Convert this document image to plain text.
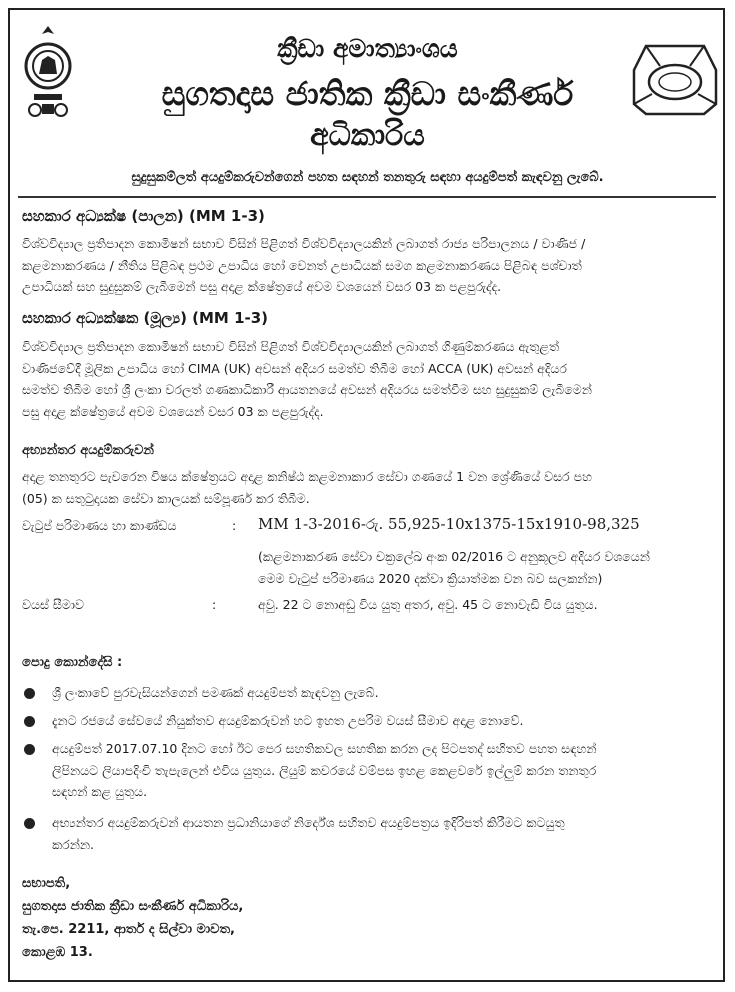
ක්‍රීඩා අමාත්‍යාංශය
සුගතදාස ජාතික ක්‍රීඩා සංකීර්ණ
අධිකාරිය
සුදුසුකම්ලත් අයදුම්කරුවන්ගෙන් පහත සඳහන් තනතුරු සඳහා අයදුම්පත් කැඳවනු ලැබේ.
සහකාර අධ්‍යක්ෂ (පාලන) (MM 1-3)
විශ්වවිද්‍යාල ප්‍රතිපාදන කොමිෂන් සභාව විසින් පිළිගත් විශ්වවිද්‍යාලයකින් ලබාගත් රාජ්‍ය පරිපාලනය / වාණිජ /
කළමනාකරණය / නීතිය පිළිබඳ ප්‍රථම උපාධිය හෝ වෙනත් උපාධියක් සමග කළමනාකරණය පිළිබඳ පශ්චාත්
උපාධියක් සහ සුදුසුකම් ලැබීමෙන් පසු අදාළ ක්ෂේත්‍රයේ අවම වශයෙන් වසර 03 ක පළපුරුද්ද.
සහකාර අධ්‍යක්ෂක (මූල්‍ය) (MM 1-3)
විශ්වවිද්‍යාල ප්‍රතිපාදන කොමිෂන් සභාව විසින් පිළිගත් විශ්වවිද්‍යාලයකින් ලබාගත් ගිණුම්කරණය ඇතුළත්
වාණිජවේදී මූලික උපාධිය හෝ CIMA (UK) අවසන් අදියර සමත්ව තිබීම හෝ ACCA (UK) අවසන් අදියර
සමත්ව තිබීම හෝ ශ්‍රී ලංකා වරලත් ගණකාධිකාරී ආයතනයේ අවසන් අදියරය සමත්වීම සහ සුදුසුකම් ලැබීමෙන්
පසු අදාළ ක්ෂේත්‍රයේ අවම වශයෙන් වසර 03 ක පළපුරුද්ද.
අභ්‍යන්තර අයදුම්කරුවන්
අදාළ තනතුරට පැවරෙන විෂය ක්ෂේත්‍රයට අදාළ කනිෂ්ඨ කළමනාකාර සේවා ගණයේ 1 වන ශ්‍රේණියේ වසර පහ
(05) ක සතුටුදායක සේවා කාලයක් සම්පූර්ණ කර තිබීම.
වැටුප් පරිමාණය හා කාණ්ඩය	: MM 1-3-2016-රු. 55,925-10x1375-15x1910-98,325
(කළමනාකරණ සේවා චක්‍රලේඛ අංක 02/2016 ට අනුකූලව අදියර වශයෙන්
මෙම වැටුප් පරිමාණය 2020 දක්වා ක්‍රියාත්මක වන බව සලකන්න)
වයස් සීමාව	:	අවු. 22 ට නොඅඩු විය යුතු අතර, අවු. 45 ට නොවැඩි විය යුතුය.
පොදු කොන්දේසි :
ශ්‍රී ලංකාවේ පුරවැසියන්ගෙන් පමණක් අයදුම්පත් කැඳවනු ලැබේ.
දැනට රජයේ සේවයේ නියුක්තව අයදුම්කරුවන් හට ඉහත උපරිම වයස් සීමාව අදාළ නොවේ.
අයදුම්පත් 2017.07.10 දිනට හෝ ඊට පෙර සහතිකවල සහතික කරන ලද පිටපතද් සහිතව පහත සඳහන්
ලිපිනයට ලියාපදිංචි තැපැලෙන් එවිය යුතුය. ලියුම් කවරයේ වම්පස ඉහළ කෙළවරේ ඉල්ලුම් කරන තනතුර
සඳහන් කළ යුතුය.
අභ්‍යන්තර අයදුම්කරුවන් ආයතන ප්‍රධානියාගේ නිර්දේශ සහිතව අයදුම්පත්‍රය ඉදිරිපත් කිරීමට කටයුතු
කරන්න.
සභාපති,
සුගතදාස ජාතික ක්‍රීඩා සංකීර්ණ අධිකාරිය,
තැ.පෙ. 2211, ආතර් ද සිල්වා මාවත,
කොළඹ 13.
